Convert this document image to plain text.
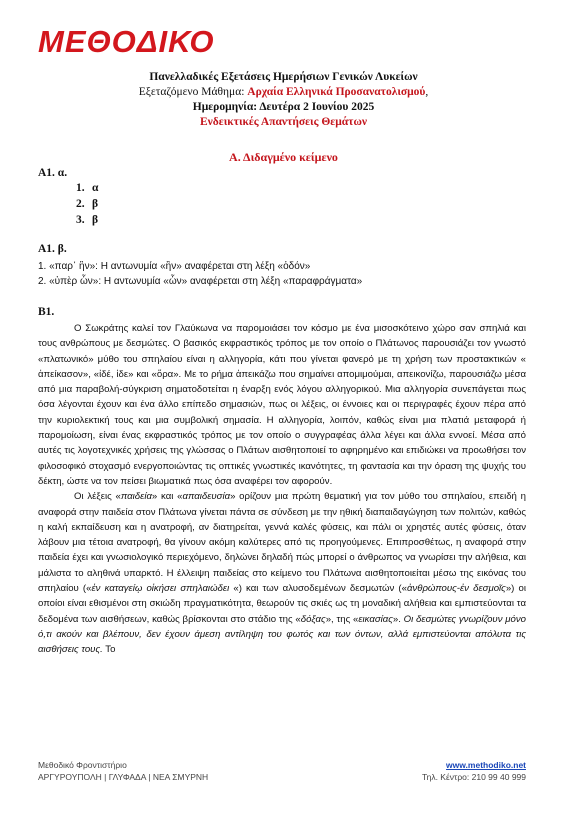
ΜΕΘΟΔΙΚΟ
Πανελλαδικές Εξετάσεις Ημερήσιων Γενικών Λυκείων
Εξεταζόμενο Μάθημα: Αρχαία Ελληνικά Προσανατολισμού,
Ημερομηνία: Δευτέρα 2 Ιουνίου 2025
Ενδεικτικές Απαντήσεις Θεμάτων
Α. Διδαγμένο κείμενο
Α1. α.
1. α
2. β
3. β
Α1. β.
1. «παρ᾽ ἣν»: Η αντωνυμία «ἣν» αναφέρεται στη λέξη «ὁδόν»
2. «ὑπὲρ ὧν»: Η αντωνυμία «ὧν» αναφέρεται στη λέξη «παραφράγματα»
Β1.

Ο Σωκράτης καλεί τον Γλαύκωνα να παρομοιάσει τον κόσμο με ένα μισοσκότεινο χώρο σαν σπηλιά και τους ανθρώπους με δεσμώτες. Ο βασικός εκφραστικός τρόπος με τον οποίο ο Πλάτωνος παρουσιάζει τον γνωστό «πλατωνικό» μύθο του σπηλαίου είναι η αλληγορία, κάτι που γίνεται φανερό με τη χρήση των προστακτικών « ἀπείκασον», «ἰδέ, ἰδε» και «ὅρα». Με το ρήμα ἀπεικάζω που σημαίνει απομιμούμαι, απεικονίζω, παρουσιάζω μέσα από μια παραβολή-σύγκριση σηματοδοτείται η έναρξη ενός λόγου αλληγορικού. Μια αλληγορία συνεπάγεται πως όσα λέγονται έχουν και ένα άλλο επίπεδο σημασιών, πως οι λέξεις, οι έννοιες και οι περιγραφές έχουν πέρα από την κυριολεκτική τους και μια συμβολική σημασία. Η αλληγορία, λοιπόν, καθώς είναι μια πλατιά μεταφορά ή παρομοίωση, είναι ένας εκφραστικός τρόπος με τον οποίο ο συγγραφέας άλλα λέγει και άλλα εννοεί. Μέσα από αυτές τις λογοτεχνικές χρήσεις της γλώσσας ο Πλάτων αισθητοποιεί το αφηρημένο και επιδιώκει να προωθήσει τον φιλοσοφικό στοχασμό ενεργοποιώντας τις οπτικές γνωστικές ικανότητες, τη φαντασία και την όραση της ψυχής του δέκτη, ώστε να τον πείσει βιωματικά πως όσα αναφέρει τον αφορούν.

Οι λέξεις «παιδεία» και «απαιδευσία» ορίζουν μια πρώτη θεματική για τον μύθο του σπηλαίου, επειδή η αναφορά στην παιδεία στον Πλάτωνα γίνεται πάντα σε σύνδεση με την ηθική διαπαιδαγώγηση των πολιτών, καθώς η καλή εκπαίδευση και η ανατροφή, αν διατηρείται, γεννά καλές φύσεις, και πάλι οι χρηστές αυτές φύσεις, όταν λάβουν μια τέτοια ανατροφή, θα γίνουν ακόμη καλύτερες από τις προηγούμενες. Επιπροσθέτως, η αναφορά στην παιδεία έχει και γνωσιολογικό περιεχόμενο, δηλώνει δηλαδή πώς μπορεί ο άνθρωπος να γνωρίσει την αλήθεια, και μάλιστα το αληθινά υπαρκτό. Η έλλειψη παιδείας στο κείμενο του Πλάτωνα αισθητοποιείται μέσω της εικόνας του σπηλαίου («ἐν καταγείῳ οἰκήσει σπηλαιώδει «) και των αλυσοδεμένων δεσμωτών («ἀνθρώπους-ἐν δεσμοῖς») οι οποίοι είναι εθισμένοι στη σκιώδη πραγματικότητα, θεωρούν τις σκιές ως τη μοναδική αλήθεια και εμπιστεύονται τα δεδομένα των αισθήσεων, καθώς βρίσκονται στο στάδιο της «δόξας», της «εικασίας». Οι δεσμώτες γνωρίζουν μόνο ό,τι ακούν και βλέπουν, δεν έχουν άμεση αντίληψη του φωτός και των όντων, αλλά εμπιστεύονται απόλυτα τις αισθήσεις τους. Το

Μεθοδικό Φροντιστήριο
ΑΡΓΥΡΟΥΠΟΛΗ | ΓΛΥΦΑΔΑ | ΝΕΑ ΣΜΥΡΝΗ
www.methodiko.net
Τηλ. Κέντρο: 210 99 40 999
